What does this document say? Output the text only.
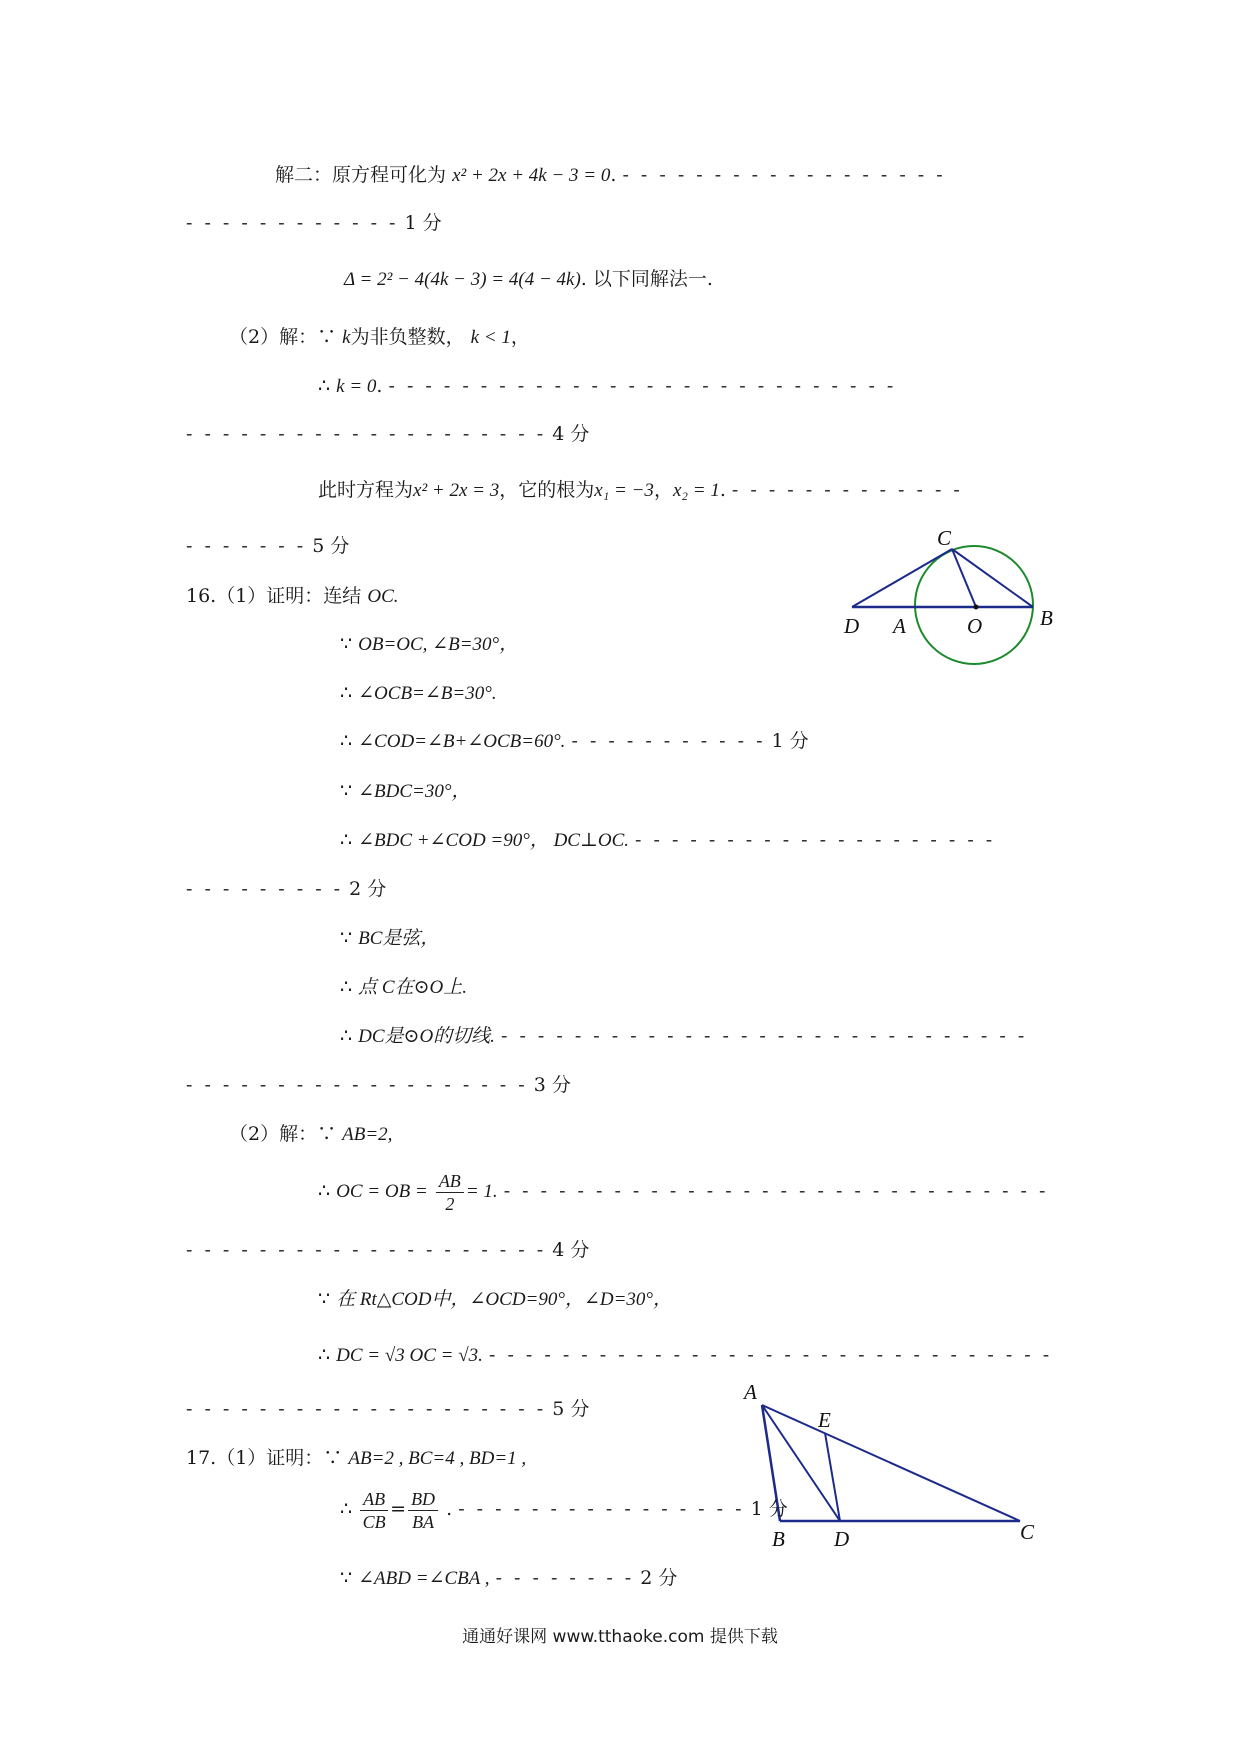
解二：原方程可化为 x² + 2x + 4k − 3 = 0. - - - - - - - - - - - - - - - - - -
- - - - - - - - - - - - 1 分
Δ = 2² − 4(4k − 3) = 4(4 − 4k). 以下同解法一.
（2）解：∵ k为非负整数， k < 1，
∴ k = 0. - - - - - - - - - - - - - - - - - - - - - - - - - - - -
- - - - - - - - - - - - - - - - - - - - 4 分
此时方程为x² + 2x = 3，它的根为x₁ = −3，x₂ = 1. - - - - - - - - - - - - -
- - - - - - - 5 分	C
D A	O	B
16.（1）证明：连结 OC.
∵ OB=OC, ∠B=30°，
∴ ∠OCB=∠B=30°.
∴ ∠COD=∠B+∠OCB=60°. - - - - - - - - - - - 1 分
∵ ∠BDC=30°，
∴ ∠BDC +∠COD =90°， DC⊥OC. - - - - - - - - - - - - - - - - - - - -
- - - - - - - - - 2 分
∵ BC是弦，
∴ 点 C在⊙O上.
∴ DC是⊙O的切线. - - - - - - - - - - - - - - - - - - - - - - - - - - - - -
- - - - - - - - - - - - - - - - - - - 3 分
（2）解：∵ AB=2,
∴ OC = OB = $\frac{AB}{2} = 1$. - - - - - - - - - - - - - - - - - - - - - - - - - - - - - -
- - - - - - - - - - - - - - - - - - - - 4 分
∵ 在 Rt△COD中，∠OCD=90°，∠D=30°，
∴ DC = √3 OC = √3. - - - - - - - - - - - - - - - - - - - - - - - - - - - - - - -
- - - - - - - - - - - - - - - - - - - - 5 分
A
E
B D	C
17.（1）证明：∵ AB=2 , BC=4 , BD=1 ,
∴ $\frac{AB}{CB} = \frac{BD}{BA}$ . - - - - - - - - - - - - - - - - 1 分
∵ ∠ABD =∠CBA , - - - - - - - - 2 分
通通好课网 www.tthaoke.com 提供下载
